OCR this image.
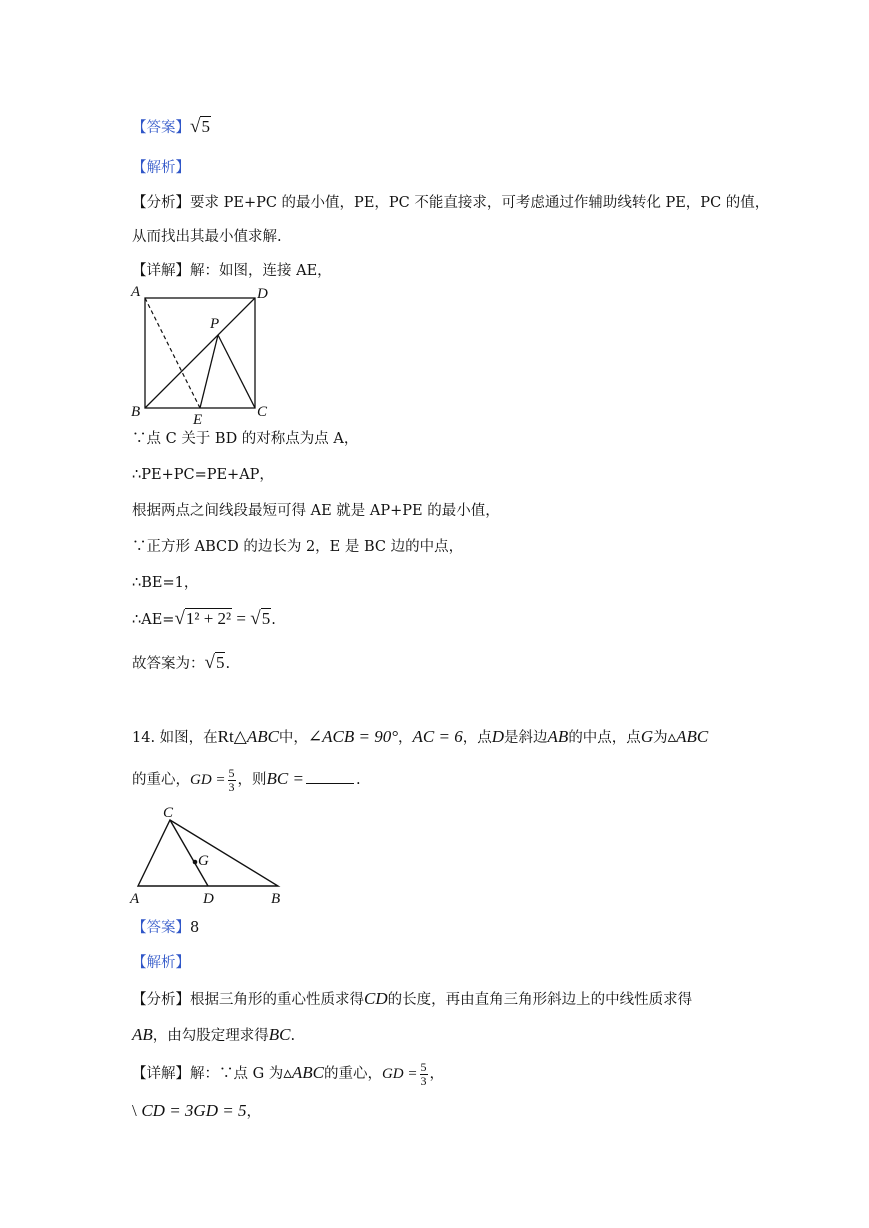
【答案】√5
【解析】
【分析】要求 PE+PC 的最小值，PE，PC 不能直接求，可考虑通过作辅助线转化 PE，PC 的值，
从而找出其最小值求解.
【详解】解：如图，连接 AE，
A	D
P
B	E	C
∵点 C 关于 BD 的对称点为点 A，
∴PE+PC=PE+AP，
根据两点之间线段最短可得 AE 就是 AP+PE 的最小值，
∵正方形 ABCD 的边长为 2，E 是 BC 边的中点，
∴BE=1，
∴AE=√1² + 2² = √5.
故答案为：√5.
14. 如图，在Rt△ABC中，∠ACB = 90°，AC = 6，点D是斜边AB的中点，点G为▵ABC
的重心，GD = $\frac{5}{3}$ ，则BC =	.
C
G
A	D	B
【答案】8
【解析】
【分析】根据三角形的重心性质求得CD的长度，再由直角三角形斜边上的中线性质求得
AB，由勾股定理求得BC.
【详解】解：∵点 G 为▵ABC的重心，GD = $\frac{5}{3}$ ，
\ CD = 3GD = 5，
